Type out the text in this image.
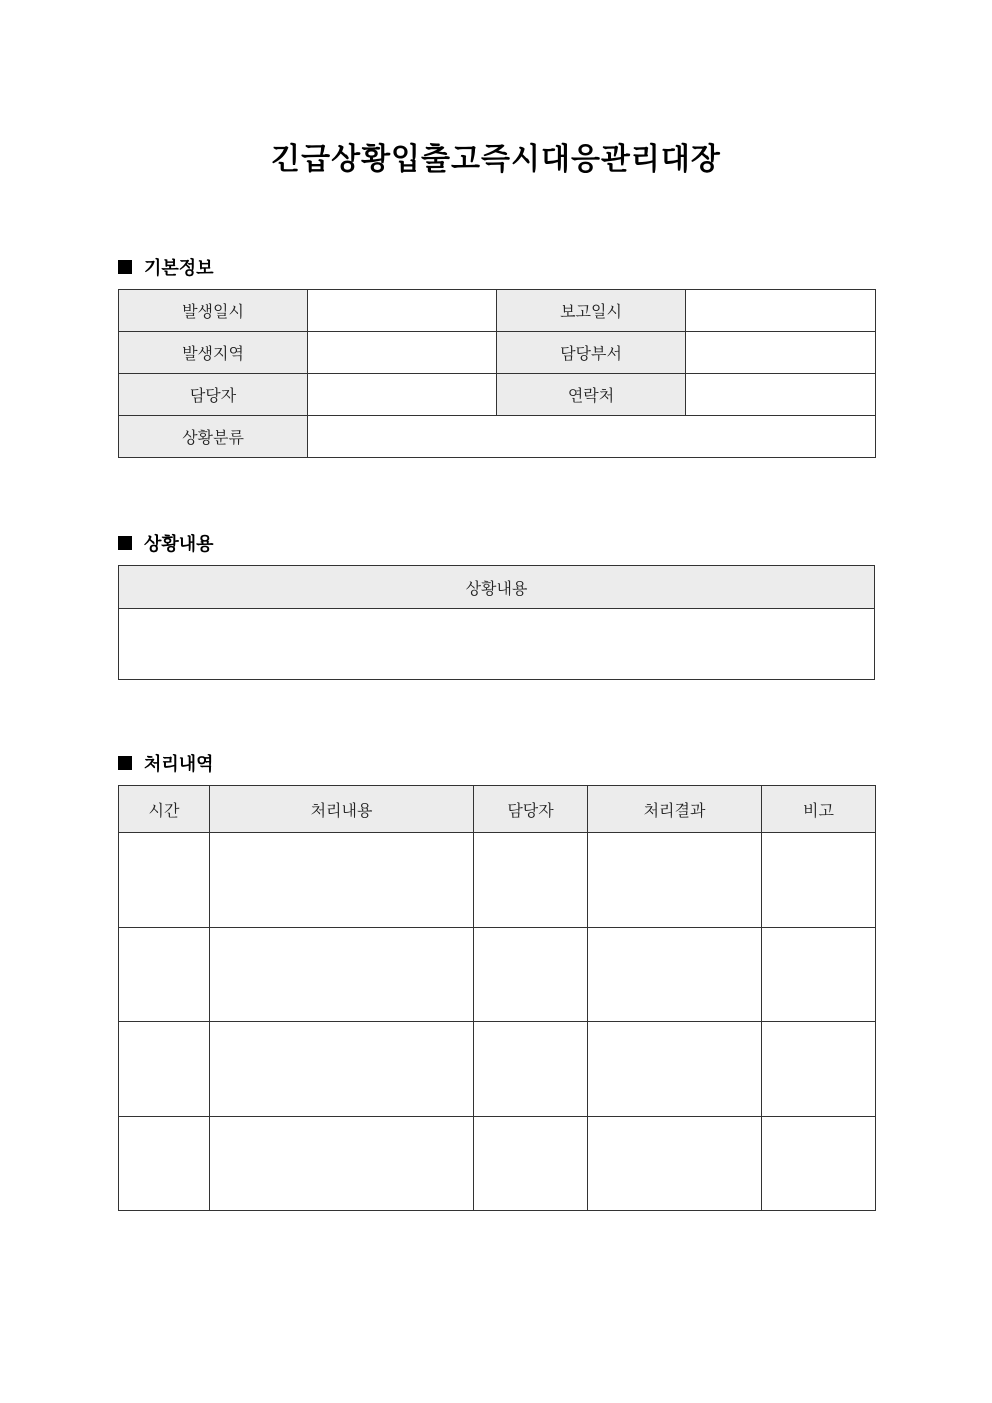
긴급상황입출고즉시대응관리대장
기본정보
발생일시		보고일시	
발생지역		담당부서	
담당자		연락처	
상황분류			
상황내용
상황내용

처리내역
시간	처리내용	담당자	처리결과	비고
